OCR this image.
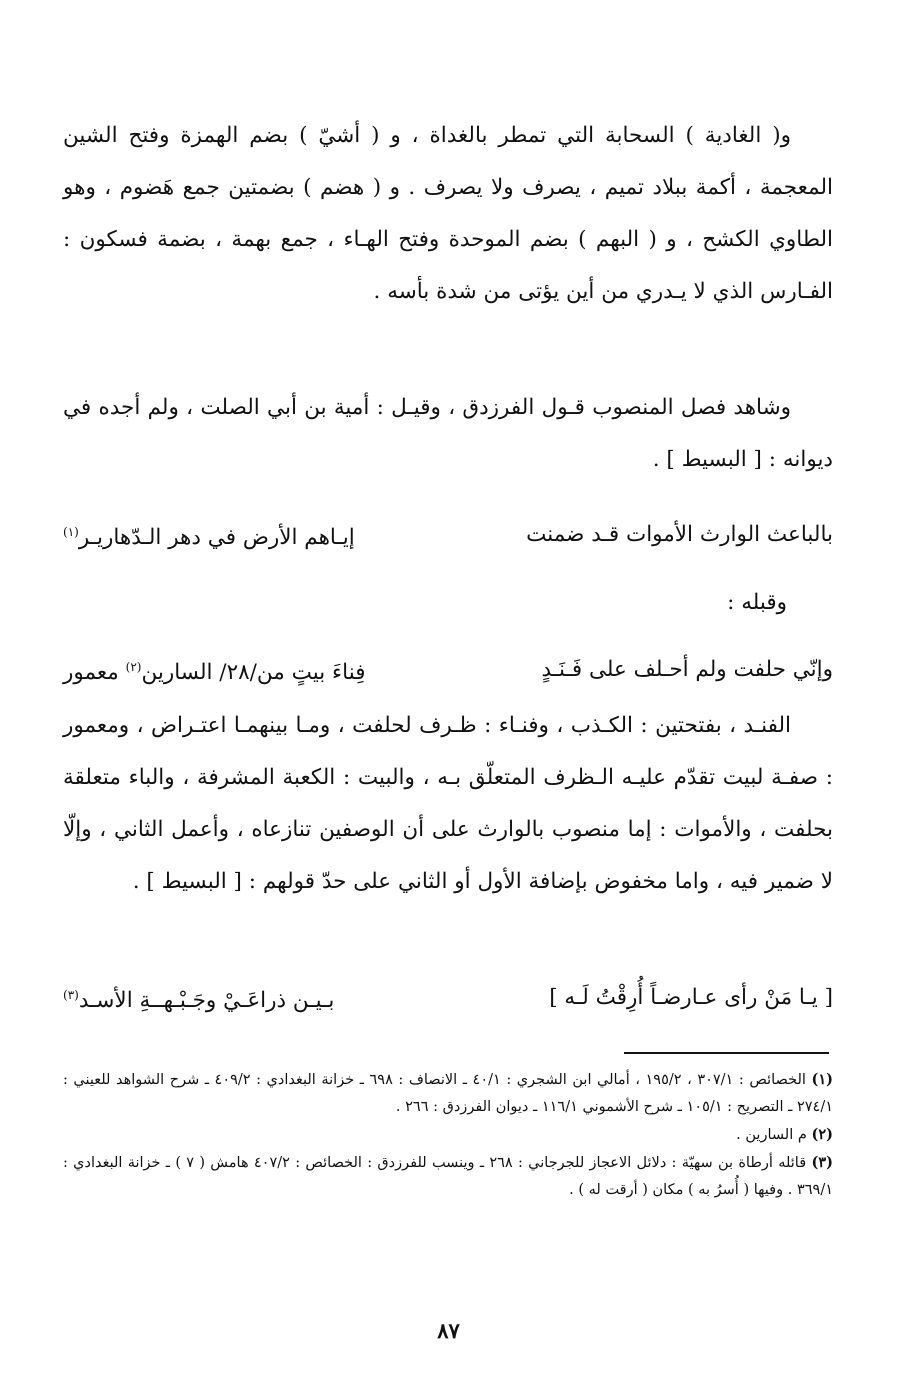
و( الغادية ) السحابة التي تمطر بالغداة ، و ( أشيّ ) بضم الهمزة وفتح الشين المعجمة ، أكمة ببلاد تميم ، يصرف ولا يصرف . و ( هضم ) بضمتين جمع هَضوم ، وهو الطاوي الكشح ، و ( البهم ) بضم الموحدة وفتح الهـاء ، جمع بهمة ، بضمة فسكون : الفـارس الذي لا يـدري من أين يؤتى من شدة بأسه .

وشاهد فصل المنصوب قـول الفرزدق ، وقيـل : أمية بن أبي الصلت ، ولم أجده في ديوانه : [ البسيط ] .

بالباعث الوارث الأموات قـد ضمنت
إيـاهم الأرض في دهر الـدّهاريـر$^{(١)}$
وقبله :
وإنّي حلفت ولم أحـلف على فَـنَـدٍ
فِناءَ بيتٍ من/٢٨/ السارين$^{(٢)}$ معمور

الفنـد ، بفتحتين : الكـذب ، وفنـاء : ظـرف لحلفت ، ومـا بينهمـا اعتـراض ، ومعمور : صفـة لبيت تقدّم عليـه الـظرف المتعلّق بـه ، والبيت : الكعبة المشرفة ، والباء متعلقة بحلفت ، والأموات : إما منصوب بالوارث على أن الوصفين تنازعاه ، وأعمل الثاني ، وإلّا لا ضمير فيه ، واما مخفوض بإضافة الأول أو الثاني على حدّ قولهم : [ البسيط ] .

[ يـا مَنْ رأى عـارضـاً أُرِقْتُ لَـه ]
بـيـن ذراعَـيْ وجَـبْـهــةِ الأسـد$^{(٣)}$
(١) الخصائص : ٣٠٧/١ ، ١٩٥/٢ ، أمالي ابن الشجري : ٤٠/١ ـ الانصاف : ٦٩٨ ـ خزانة البغدادي : ٤٠٩/٢ ـ شرح الشواهد للعيني : ٢٧٤/١ ـ التصريح : ١٠٥/١ ـ شرح الأشموني ١١٦/١ ـ ديوان الفرزدق : ٢٦٦ .
(٢) م السارين .
(٣) قائله أرطاة بن سهيّة : دلائل الاعجاز للجرجاني : ٢٦٨ ـ وينسب للفرزدق : الخصائص : ٤٠٧/٢ هامش ( ٧ ) ـ خزانة البغدادي : ٣٦٩/١ . وفيها ( أُسرُ به ) مكان ( أرقت له ) .
٨٧
